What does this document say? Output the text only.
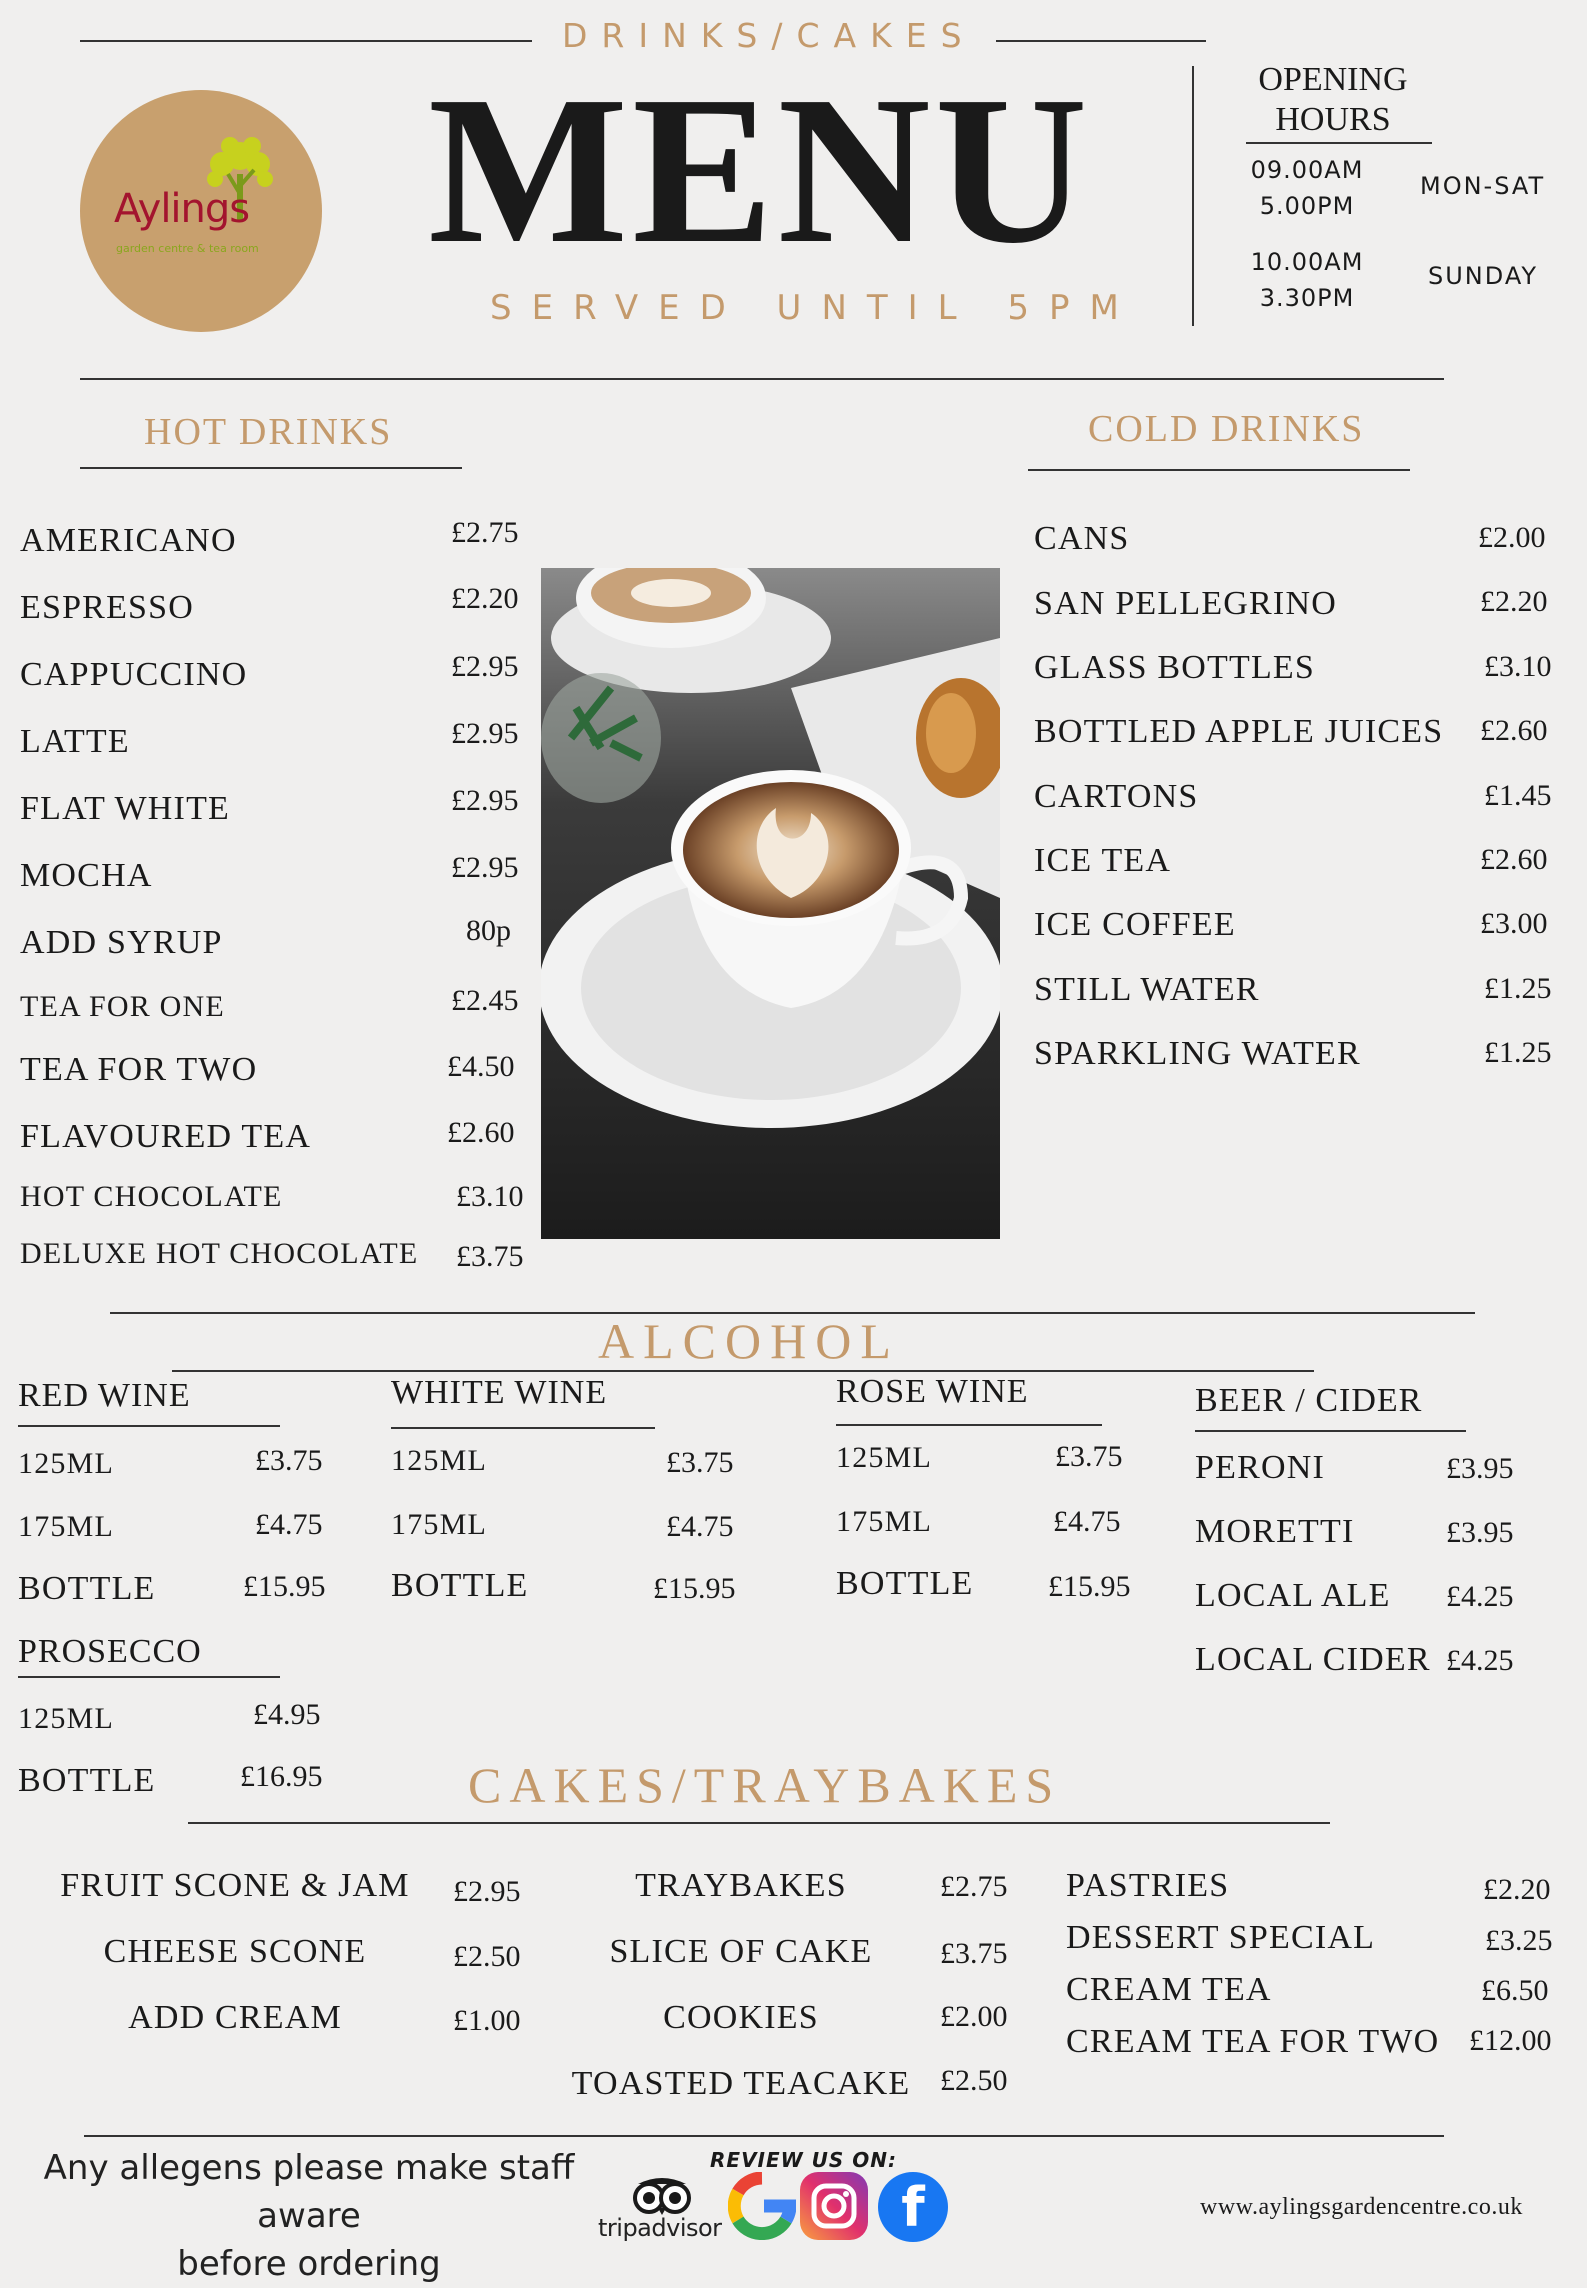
DRINKS/CAKES
Aylings
garden centre & tea room MENU
SERVED UNTIL 5PM
OPENING
HOURS
09.00AM
5.00PM
MON-SAT
10.00AM
3.30PM
SUNDAY
HOT DRINKS
AMERICANO	£2.75
ESPRESSO	£2.20
CAPPUCCINO	£2.95
LATTE	£2.95
FLAT WHITE	£2.95
MOCHA	£2.95
ADD SYRUP	80p
TEA FOR ONE	£2.45
TEA FOR TWO	£4.50
FLAVOURED TEA	£2.60
HOT CHOCOLATE	£3.10
DELUXE HOT CHOCOLATE £3.75
COLD DRINKS
CANS	£2.00
SAN PELLEGRINO	£2.20
GLASS BOTTLES	£3.10
BOTTLED APPLE JUICES £2.60
CARTONS	£1.45
ICE TEA	£2.60
ICE COFFEE	£3.00
STILL WATER	£1.25
SPARKLING WATER	£1.25
ALCOHOL
RED WINE
125ML	£3.75
175ML	£4.75
BOTTLE	£15.95
PROSECCO
125ML	£4.95
BOTTLE	£16.95
WHITE WINE
125ML	£3.75
175ML	£4.75
BOTTLE	£15.95
ROSE WINE
125ML	£3.75
175ML	£4.75
BOTTLE £15.95
BEER / CIDER
PERONI	£3.95
MORETTI	£3.95
LOCAL ALE £4.25
LOCAL CIDER £4.25
CAKES/TRAYBAKES
FRUIT SCONE & JAM	£2.95
CHEESE SCONE	£2.50
ADD CREAM	£1.00
TRAYBAKES	£2.75
SLICE OF CAKE	£3.75
COOKIES	£2.00
TOASTED TEACAKE £2.50
PASTRIES	£2.20
DESSERT SPECIAL	£3.25
CREAM TEA	£6.50
CREAM TEA FOR TWO £12.00
Any allegens please make staff aware
before ordering
REVIEW US ON:
tripadvisor	f	www.aylingsgardencentre.co.uk
